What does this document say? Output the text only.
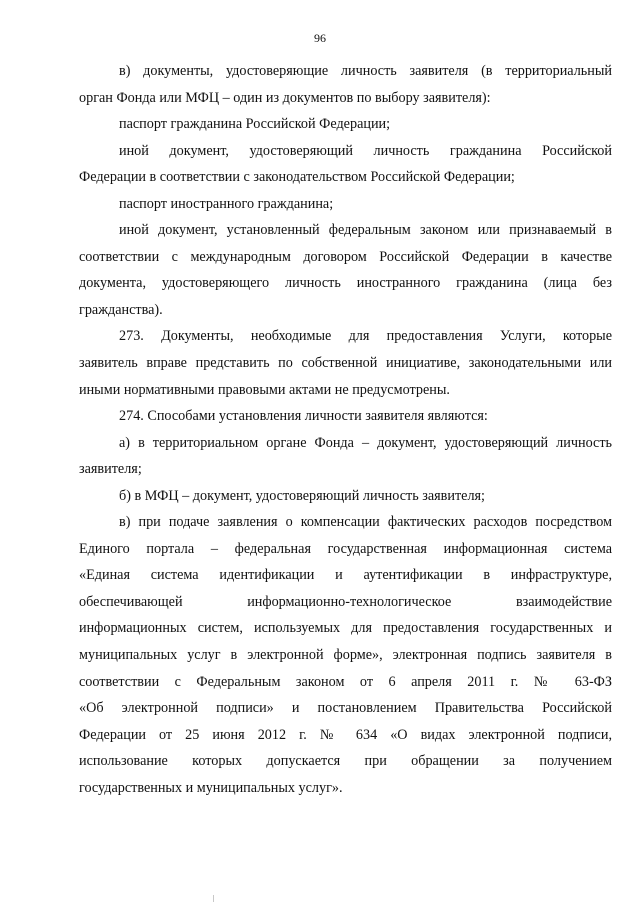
96
в) документы, удостоверяющие личность заявителя (в территориальный
орган Фонда или МФЦ – один из документов по выбору заявителя):
паспорт гражданина Российской Федерации;
иной документ, удостоверяющий личность гражданина Российской
Федерации в соответствии с законодательством Российской Федерации;
паспорт иностранного гражданина;
иной документ, установленный федеральным законом или признаваемый в
соответствии с международным договором Российской Федерации в качестве
документа, удостоверяющего личность иностранного гражданина (лица без
гражданства).
273. Документы, необходимые для предоставления Услуги, которые
заявитель вправе представить по собственной инициативе, законодательными или
иными нормативными правовыми актами не предусмотрены.
274. Способами установления личности заявителя являются:
а) в территориальном органе Фонда – документ, удостоверяющий личность
заявителя;
б) в МФЦ – документ, удостоверяющий личность заявителя;
в) при подаче заявления о компенсации фактических расходов посредством
Единого портала – федеральная государственная информационная система
«Единая система идентификации и аутентификации в инфраструктуре,
обеспечивающей информационно-технологическое взаимодействие
информационных систем, используемых для предоставления государственных и
муниципальных услуг в электронной форме», электронная подпись заявителя в
соответствии с Федеральным законом от 6 апреля 2011 г. № 63-ФЗ
«Об электронной подписи» и постановлением Правительства Российской
Федерации от 25 июня 2012 г. № 634 «О видах электронной подписи,
использование которых допускается при обращении за получением
государственных и муниципальных услуг».
